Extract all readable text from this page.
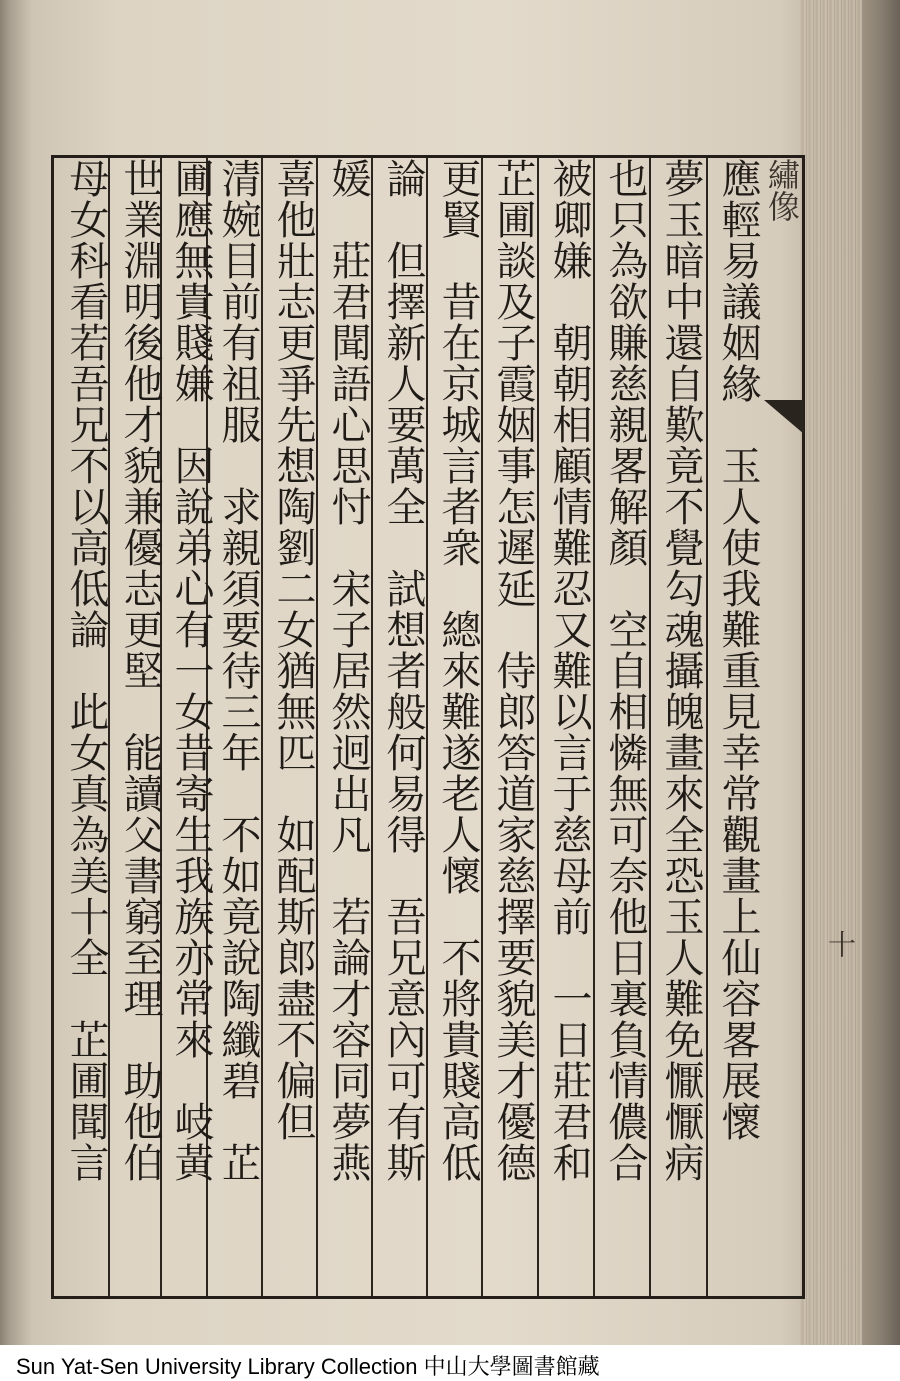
繡像
十
應輕易議姻緣　玉人使我難重見幸常觀畫上仙容畧展懷
夢玉暗中還自歎竟不覺勾魂攝魄畫來全恐玉人難免懨懨病
也只為欲賺慈親畧解顏　空自相憐無可奈他日裏負情儂合
被卿嫌　朝朝相顧情難忍又難以言于慈母前　一日莊君和
芷圃談及子霞姻事怎遲延　侍郎答道家慈擇要貌美才優德
更賢　昔在京城言者衆　總來難遂老人懷　不將貴賤高低
論　但擇新人要萬全　試想者般何易得　吾兄意內可有斯
媛　莊君聞語心思忖　宋子居然迥出凡　若論才容同夢燕
喜他壯志更爭先想陶劉二女猶無匹　如配斯郎盡不偏但
清婉目前有祖服　求親須要待三年　不如竟說陶纖碧　芷
圃應無貴賤嫌　因說弟心有一女昔寄生我族亦常來　岐黃
世業淵明後他才貌兼優志更堅　能讀父書窮至理　助他伯
母女科看若吾兄不以高低論　此女真為美十全　芷圃聞言
Sun Yat-Sen University Library Collection 中山大學圖書館藏
